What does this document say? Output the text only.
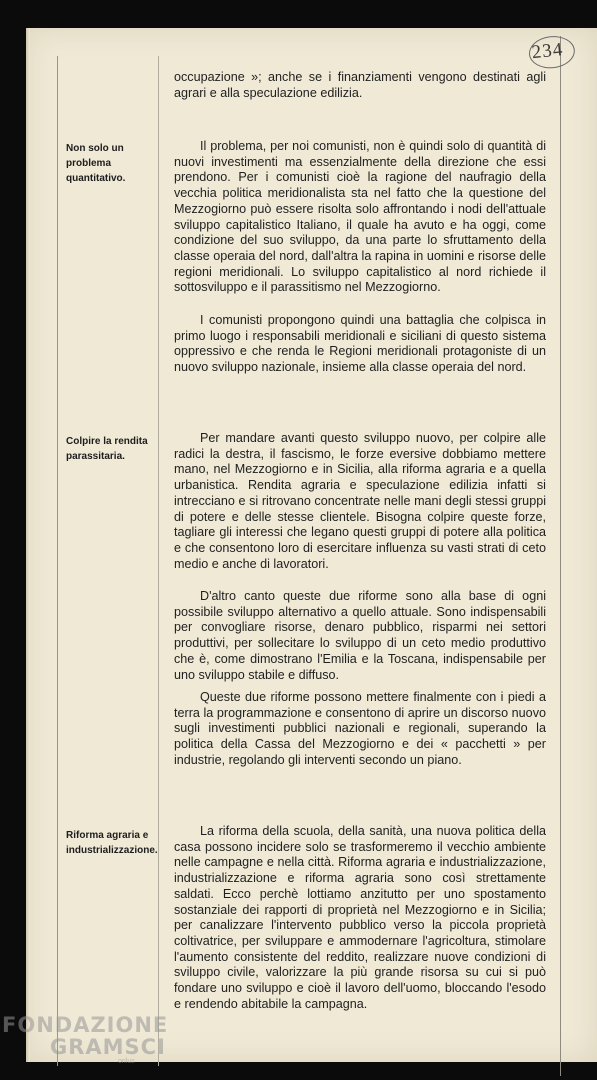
234

occupazione »; anche se i finanziamenti vengono destinati agli agrari e alla speculazione edilizia.

Non solo un problema quantitativo.

Il problema, per noi comunisti, non è quindi solo di quantità di nuovi investimenti ma essenzialmente della direzione che essi prendono. Per i comunisti cioè la ragione del naufragio della vecchia politica meridionalista sta nel fatto che la questione del Mezzogiorno può essere risolta solo affrontando i nodi dell'attuale sviluppo capitalistico Italiano, il quale ha avuto e ha oggi, come condizione del suo sviluppo, da una parte lo sfruttamento della classe operaia del nord, dall'altra la rapina in uomini e risorse delle regioni meridionali. Lo sviluppo capitalistico al nord richiede il sottosviluppo e il parassitismo nel Mezzogiorno.

I comunisti propongono quindi una battaglia che colpisca in primo luogo i responsabili meridionali e siciliani di questo sistema oppressivo e che renda le Regioni meridionali protagoniste di un nuovo sviluppo nazionale, insieme alla classe operaia del nord.

Colpire la rendita parassitaria.

Per mandare avanti questo sviluppo nuovo, per colpire alle radici la destra, il fascismo, le forze eversive dobbiamo mettere mano, nel Mezzogiorno e in Sicilia, alla riforma agraria e a quella urbanistica. Rendita agraria e speculazione edilizia infatti si intrecciano e si ritrovano concentrate nelle mani degli stessi gruppi di potere e delle stesse clientele. Bisogna colpire queste forze, tagliare gli interessi che legano questi gruppi di potere alla politica e che consentono loro di esercitare influenza su vasti strati di ceto medio e anche di lavoratori.

D'altro canto queste due riforme sono alla base di ogni possibile sviluppo alternativo a quello attuale. Sono indispensabili per convogliare risorse, denaro pubblico, risparmi nei settori produttivi, per sollecitare lo sviluppo di un ceto medio produttivo che è, come dimostrano l'Emilia e la Toscana, indispensabile per uno sviluppo stabile e diffuso.

Queste due riforme possono mettere finalmente con i piedi a terra la programmazione e consentono di aprire un discorso nuovo sugli investimenti pubblici nazionali e regionali, superando la politica della Cassa del Mezzogiorno e dei « pacchetti » per industrie, regolando gli interventi secondo un piano.

Riforma agraria e industrializzazione.

La riforma della scuola, della sanità, una nuova politica della casa possono incidere solo se trasformeremo il vecchio ambiente nelle campagne e nella città. Riforma agraria e industrializzazione, industrializzazione e riforma agraria sono così strettamente saldati. Ecco perchè lottiamo anzitutto per uno spostamento sostanziale dei rapporti di proprietà nel Mezzogiorno e in Sicilia; per canalizzare l'intervento pubblico verso la piccola proprietà coltivatrice, per sviluppare e ammodernare l'agricoltura, stimolare l'aumento consistente del reddito, realizzare nuove condizioni di sviluppo civile, valorizzare la più grande risorsa su cui si può fondare uno sviluppo e cioè il lavoro dell'uomo, bloccando l'esodo e rendendo abitabile la campagna.

FONDAZIONE
GRAMSCI
onlus
